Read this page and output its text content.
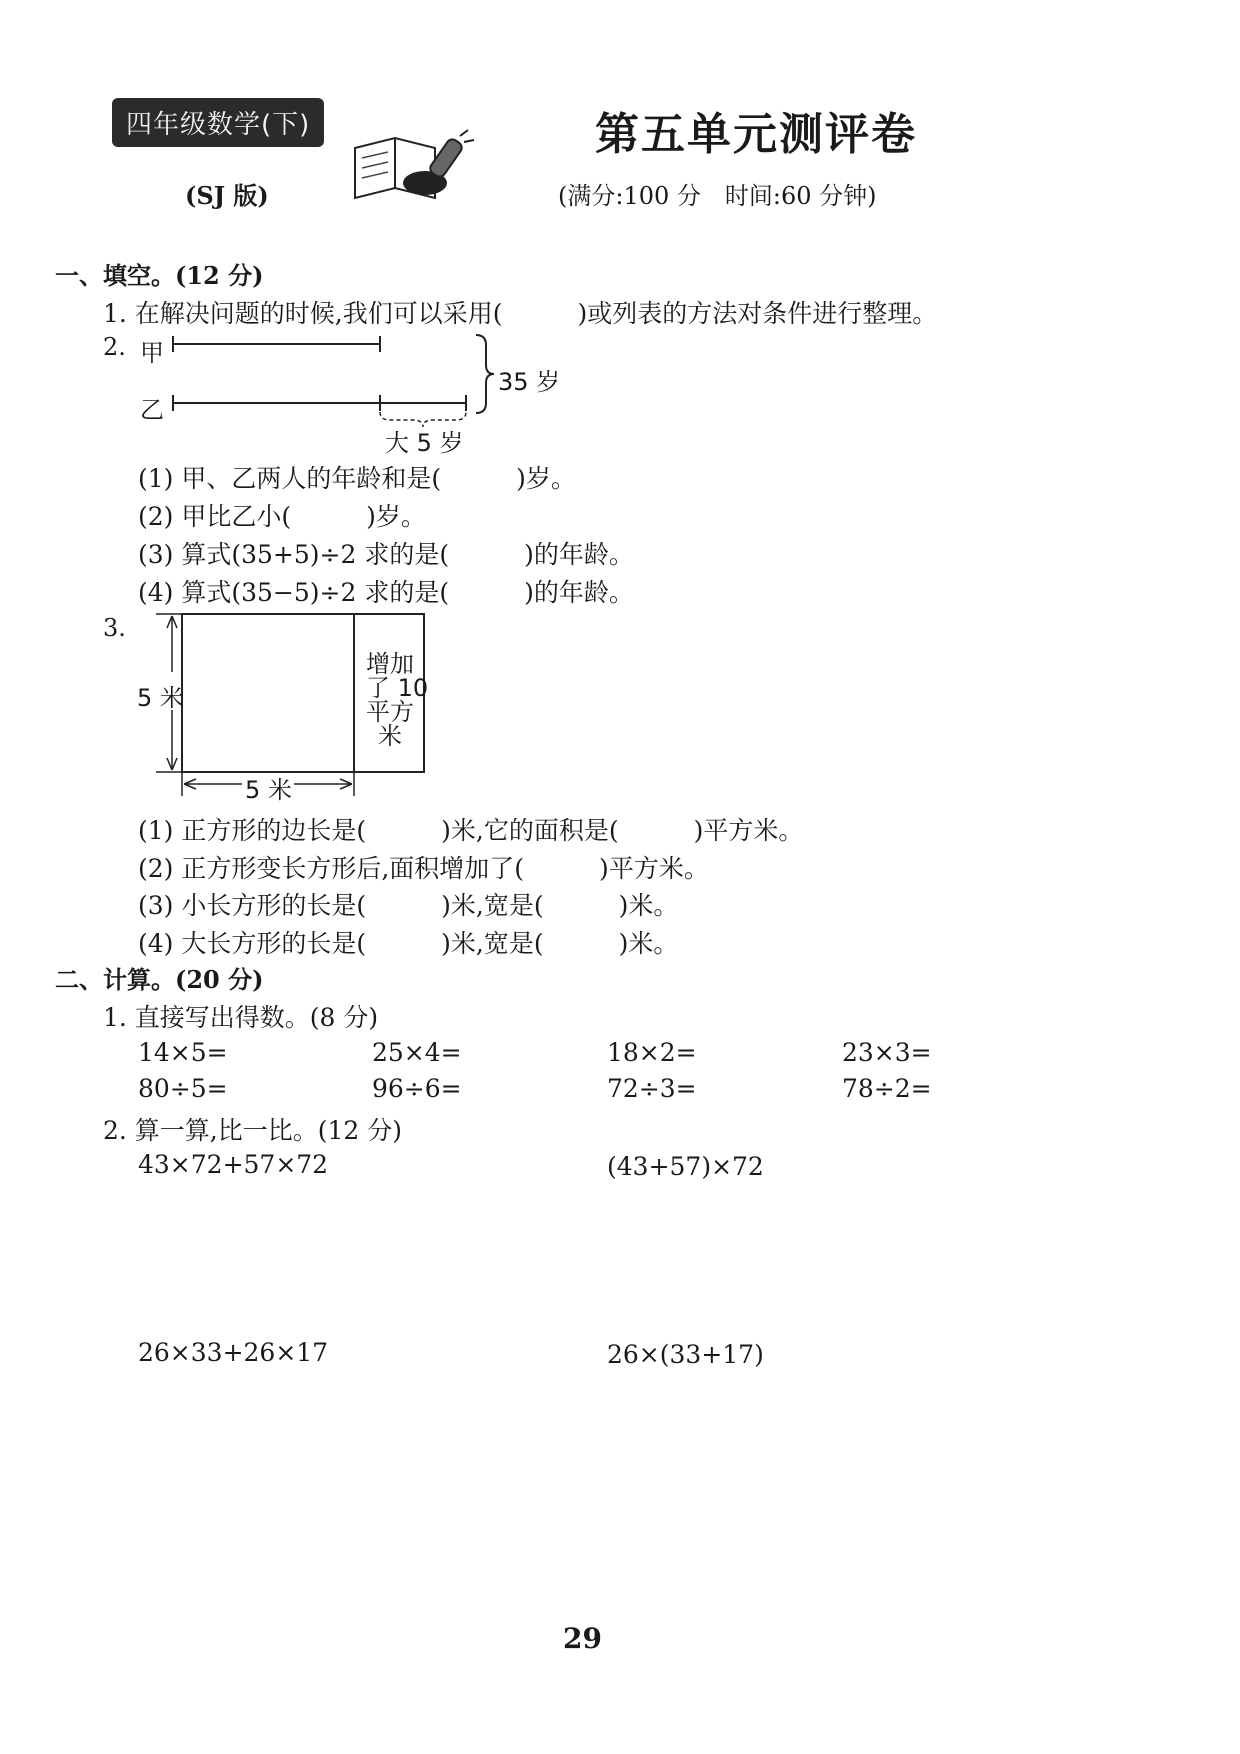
四年级数学(下)
(SJ 版)
第五单元测评卷
(满分:100 分　时间:60 分钟)
一、填空。(12 分)
1. 在解决问题的时候,我们可以采用(　　　)或列表的方法对条件进行整理。
2. 甲
乙
35 岁
大 5 岁
(1) 甲、乙两人的年龄和是(　　　)岁。
(2) 甲比乙小(　　　)岁。
(3) 算式(35+5)÷2 求的是(　　　)的年龄。
(4) 算式(35−5)÷2 求的是(　　　)的年龄。
3.
5 米
5 米
增加
了 10
平方
米
(1) 正方形的边长是(　　　)米,它的面积是(　　　)平方米。
(2) 正方形变长方形后,面积增加了(　　　)平方米。
(3) 小长方形的长是(　　　)米,宽是(　　　)米。
(4) 大长方形的长是(　　　)米,宽是(　　　)米。
二、计算。(20 分)
1. 直接写出得数。(8 分)
14×5=	25×4=	18×2=	23×3=
80÷5=	96÷6=	72÷3=	78÷2=
2. 算一算,比一比。(12 分)
43×72+57×72	(43+57)×72
26×33+26×17	26×(33+17)
29
